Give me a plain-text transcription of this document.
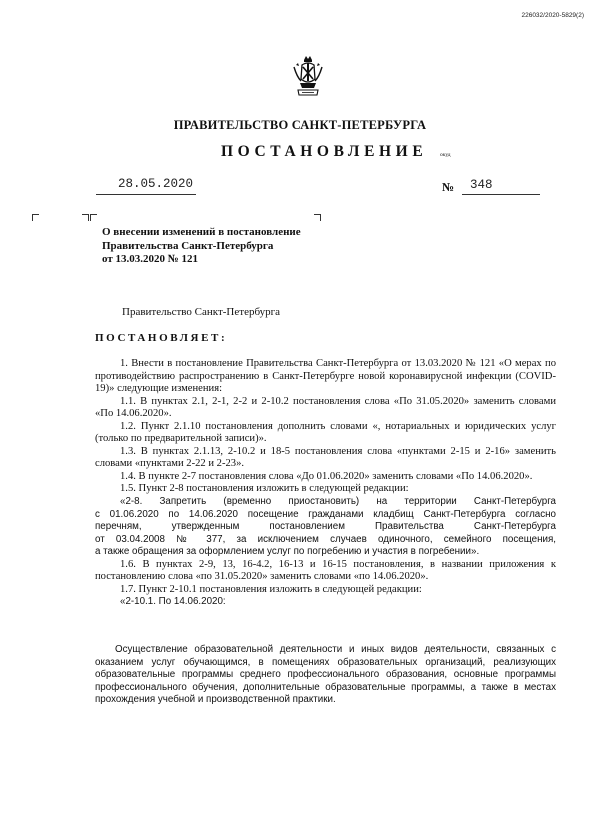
226032/2020-5829(2)
ПРАВИТЕЛЬСТВО САНКТ-ПЕТЕРБУРГА
ПОСТАНОВЛЕНИЕ окуд
28.05.2020	№ 348
О внесении изменений в постановление
Правительства Санкт-Петербурга
от 13.03.2020 № 121
Правительство Санкт-Петербурга
ПОСТАНОВЛЯЕТ:

1. Внести в постановление Правительства Санкт-Петербурга от 13.03.2020 № 121 «О мерах по противодействию распространению в Санкт-Петербурге новой коронавирусной инфекции (COVID-19)» следующие изменения:

1.1. В пунктах 2.1, 2-1, 2-2 и 2-10.2 постановления слова «По 31.05.2020» заменить словами «По 14.06.2020».

1.2. Пункт 2.1.10 постановления дополнить словами «, нотариальных и юридических услуг (только по предварительной записи)».

1.3. В пунктах 2.1.13, 2-10.2 и 18-5 постановления слова «пунктами 2-15 и 2-16» заменить словами «пунктами 2-22 и 2-23».

1.4. В пункте 2-7 постановления слова «До 01.06.2020» заменить словами «По 14.06.2020».

1.5. Пункт 2-8 постановления изложить в следующей редакции:

«2-8. Запретить (временно приостановить) на территории Санкт-Петербурга

с 01.06.2020 по 14.06.2020 посещение гражданами кладбищ Санкт-Петербурга согласно

перечням, утвержденным постановлением Правительства Санкт-Петербурга

от 03.04.2008 № 377, за исключением случаев одиночного, семейного посещения,

а также обращения за оформлением услуг по погребению и участия в погребении».

1.6. В пунктах 2-9, 13, 16-4.2, 16-13 и 16-15 постановления, в названии приложения к постановлению слова «по 31.05.2020» заменить словами «по 14.06.2020».

1.7. Пункт 2-10.1 постановления изложить в следующей редакции:

«2-10.1. По 14.06.2020:

Осуществление образовательной деятельности и иных видов деятельности, связанных с оказанием услуг обучающимся, в помещениях образовательных организаций, реализующих образовательные программы среднего профессионального образования, основные программы профессионального обучения, дополнительные образовательные программы, а также в местах прохождения учебной и производственной практики.
